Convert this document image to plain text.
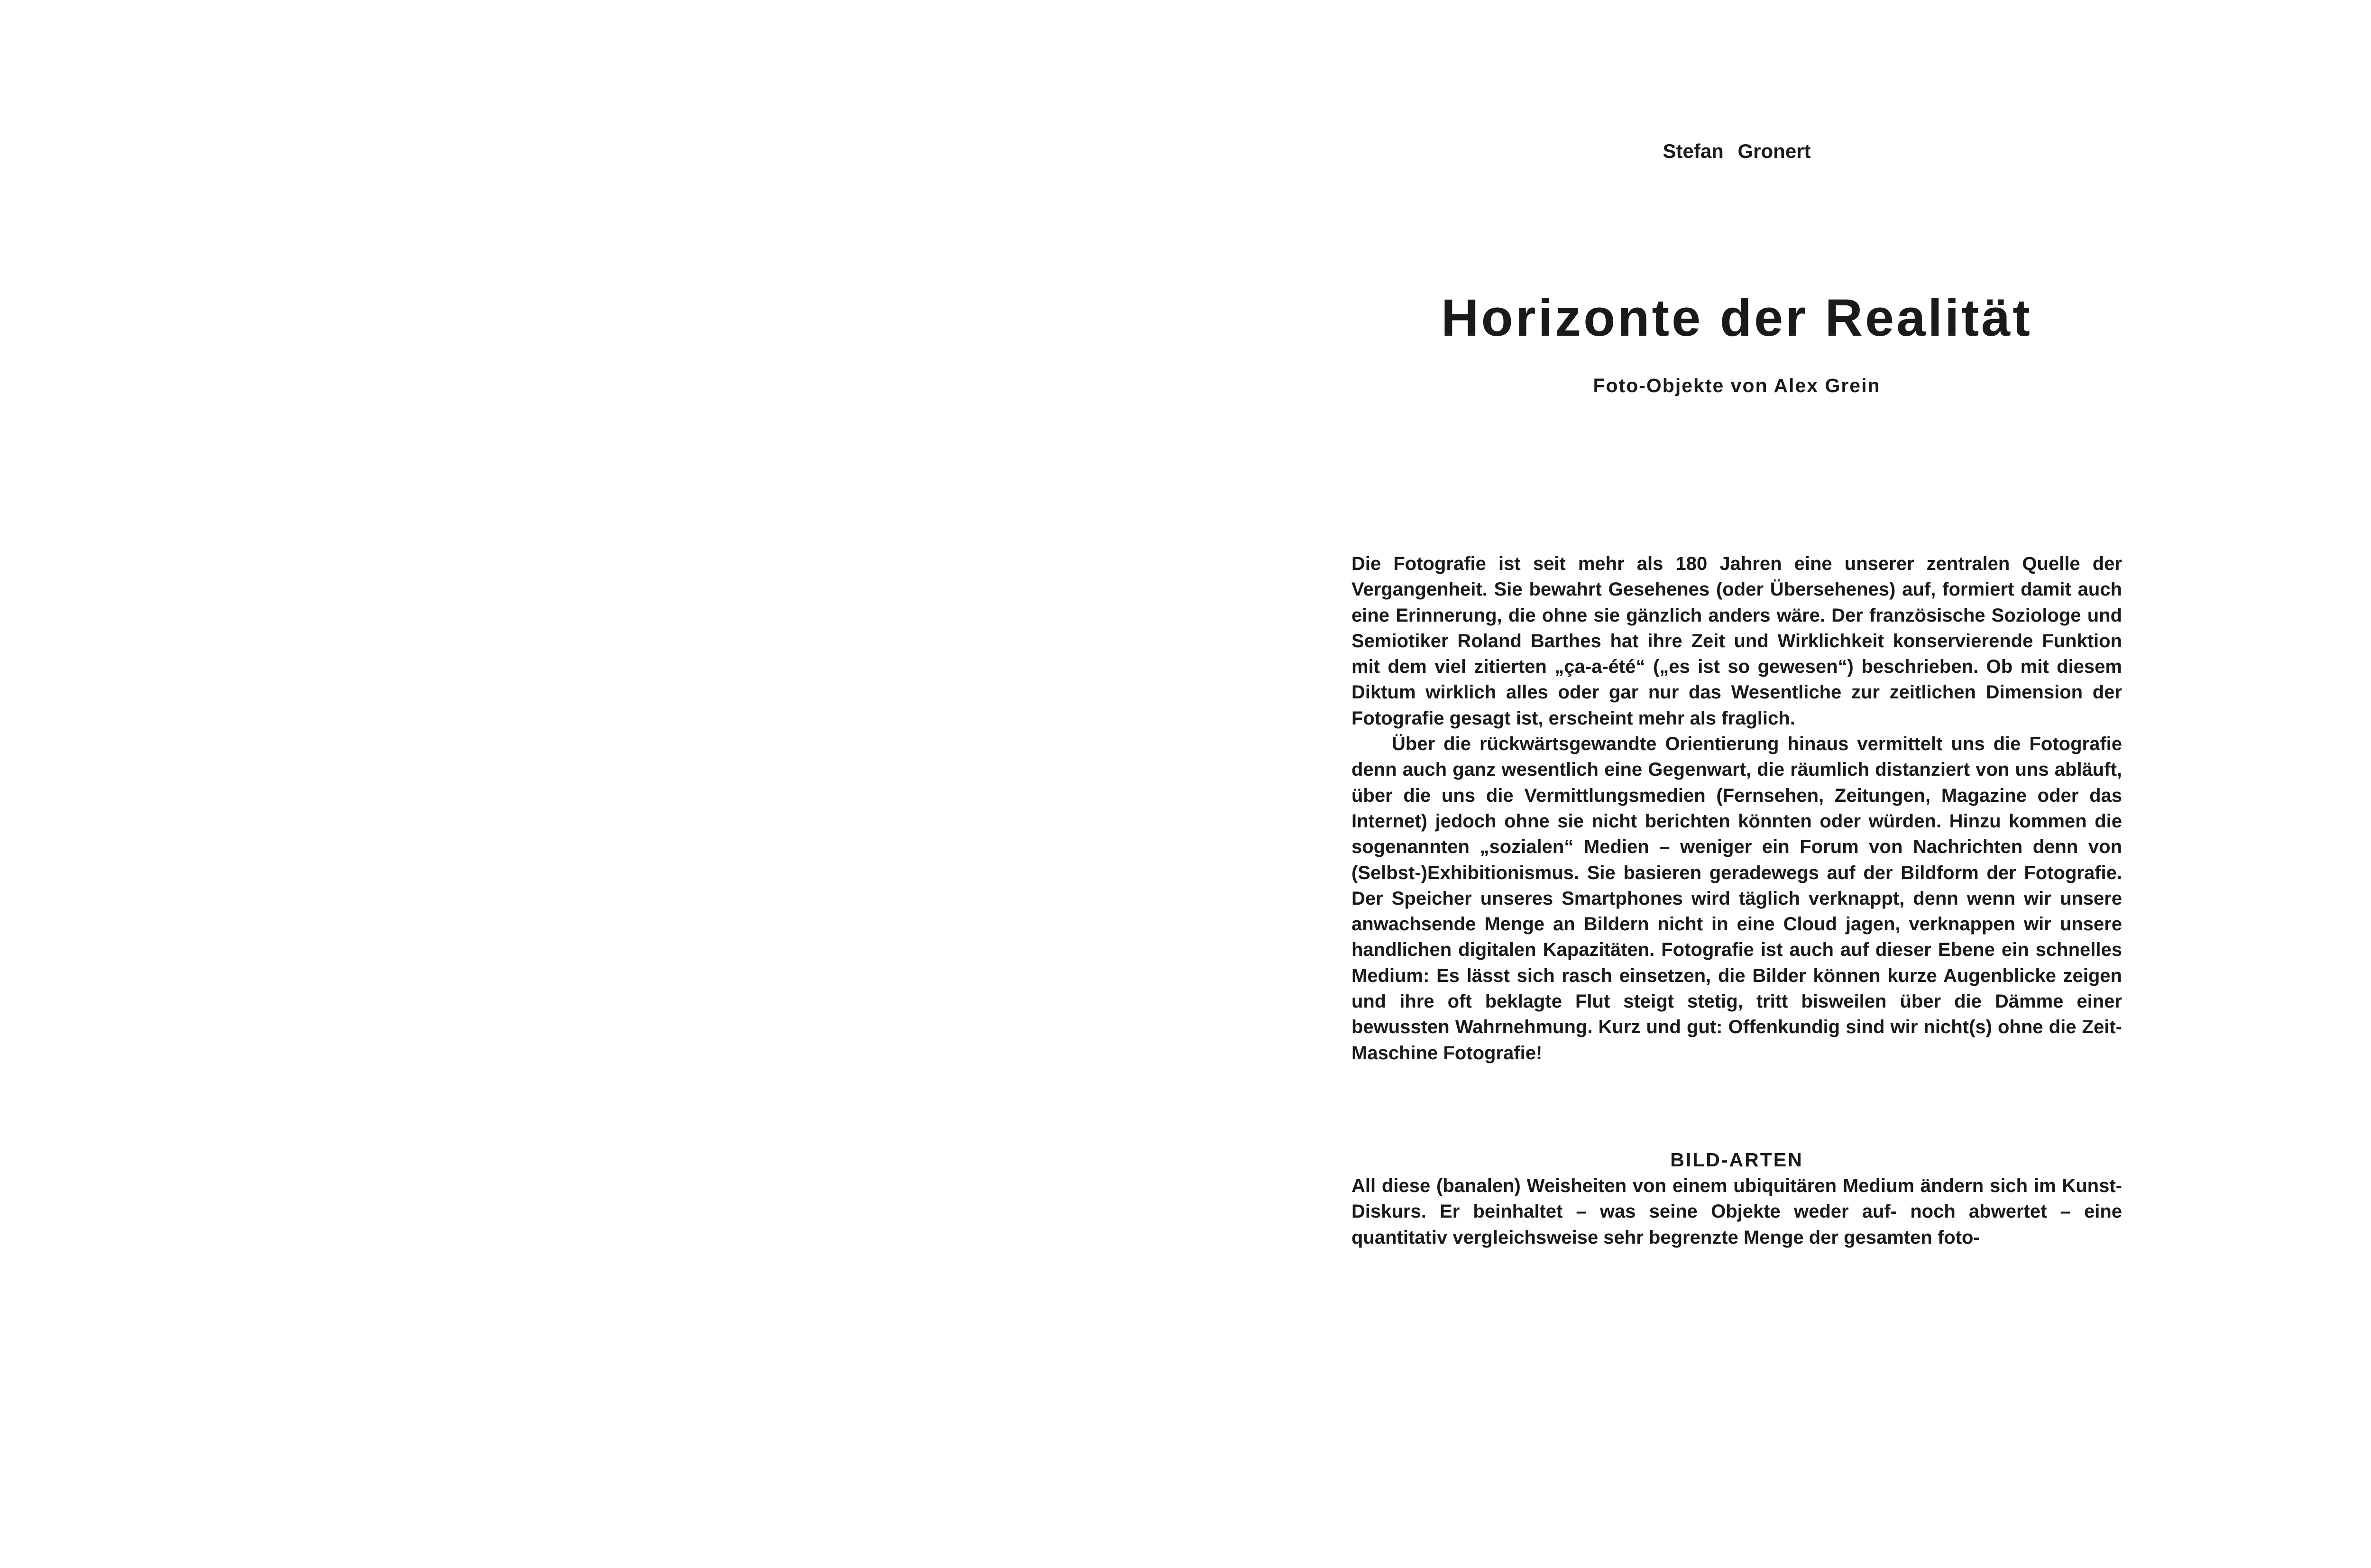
Stefan Gronert
Horizonte der Realität
Foto-Objekte von Alex Grein

Die Fotografie ist seit mehr als 180 Jahren eine unserer zentralen Quelle der Vergangenheit. Sie bewahrt Gesehenes (oder Übersehenes) auf, formiert damit auch eine Erinnerung, die ohne sie gänzlich anders wäre. Der französische Soziologe und Semiotiker Roland Barthes hat ihre Zeit und Wirklichkeit konservierende Funktion mit dem viel zitierten „ça-a-été“ („es ist so gewesen“) beschrieben. Ob mit diesem Diktum wirklich alles oder gar nur das Wesentliche zur zeitlichen Dimension der Fotografie gesagt ist, erscheint mehr als fraglich.

Über die rückwärtsgewandte Orientierung hinaus vermittelt uns die Fotografie denn auch ganz wesentlich eine Gegenwart, die räumlich distanziert von uns abläuft, über die uns die Vermittlungsmedien (Fernsehen, Zeitungen, Magazine oder das Internet) jedoch ohne sie nicht berichten könnten oder würden. Hinzu kommen die sogenannten „sozialen“ Medien – weniger ein Forum von Nachrichten denn von (Selbst-)Exhibitionismus. Sie basieren geradewegs auf der Bildform der Fotografie. Der Speicher unseres Smartphones wird täglich verknappt, denn wenn wir unsere anwachsende Menge an Bildern nicht in eine Cloud jagen, verknappen wir unsere handlichen digitalen Kapazitäten. Fotografie ist auch auf dieser Ebene ein schnelles Medium: Es lässt sich rasch einsetzen, die Bilder können kurze Augenblicke zeigen und ihre oft beklagte Flut steigt stetig, tritt bisweilen über die Dämme einer bewussten Wahrnehmung. Kurz und gut: Offenkundig sind wir nicht(s) ohne die Zeit-Maschine Fotografie!

BILD-ARTEN

All diese (banalen) Weisheiten von einem ubiquitären Medium ändern sich im Kunst-Diskurs. Er beinhaltet – was seine Objekte weder auf- noch abwertet – eine quantitativ vergleichsweise sehr begrenzte Menge der gesamten foto-
